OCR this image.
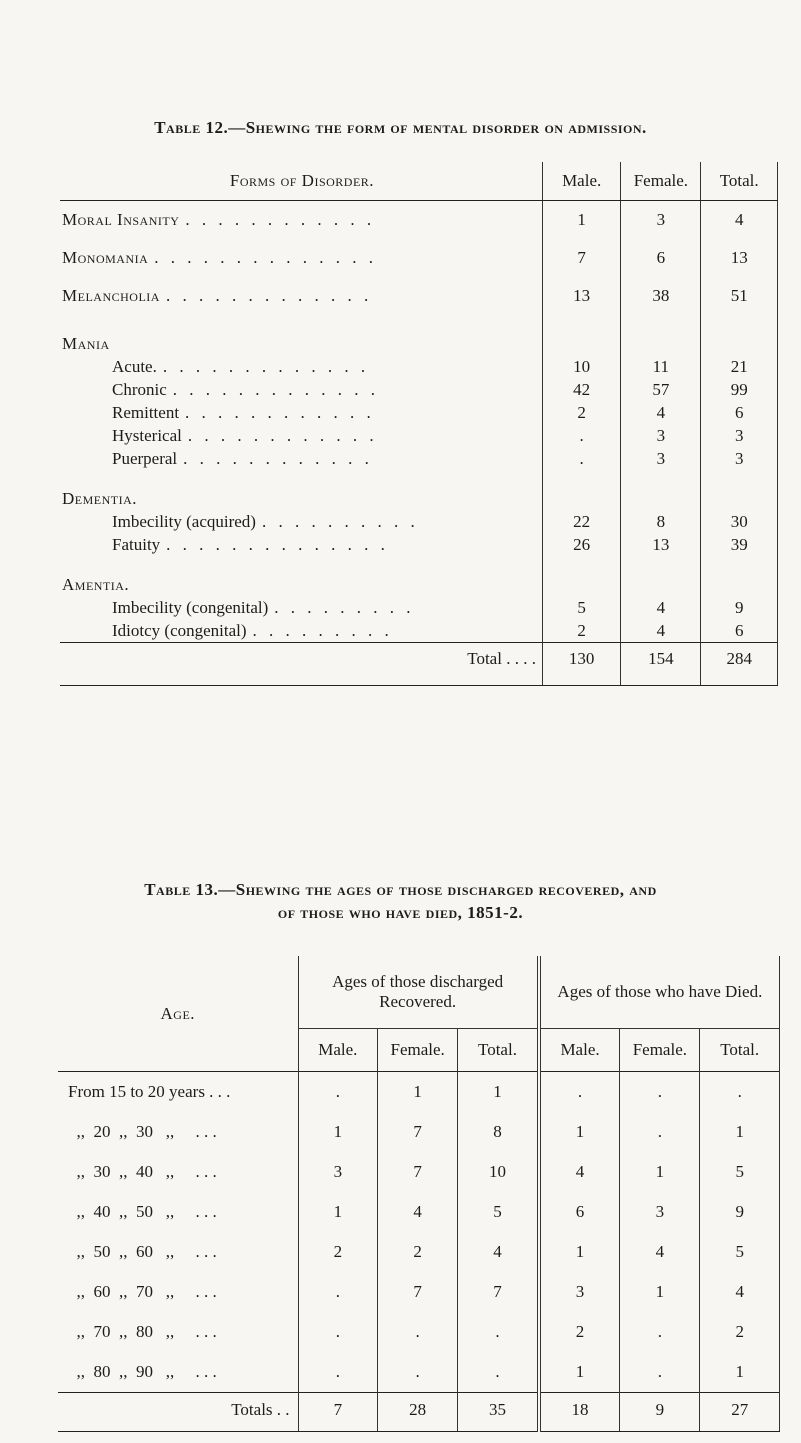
Table 12.—Shewing the form of mental disorder on admission.
Forms of Disorder.	Male.	Female.	Total.
Moral Insanity . . . . . . . . . . . .	1	3	4
Monomania . . . . . . . . . . . . . .	7	6	13
Melancholia . . . . . . . . . . . . .	13	38	51
Mania			
Acute. . . . . . . . . . . . . .	10	11	21
Chronic . . . . . . . . . . . . .	42	57	99
Remittent . . . . . . . . . . . .	2	4	6
Hysterical . . . . . . . . . . . .	.	3	3
Puerperal . . . . . . . . . . . .	.	3	3
Dementia.			
Imbecility (acquired) . . . . . . . . . .	22	8	30
Fatuity . . . . . . . . . . . . . .	26	13	39
Amentia.			
Imbecility (congenital) . . . . . . . . .	5	4	9
Idiotcy (congenital) . . . . . . . . .	2	4	6
Total . . . .	130	154	284

Table 13.—Shewing the ages of those discharged recovered, and
of those who have died, 1851-2.
Age.	Ages of those discharged Recovered.			Ages of those who have Died.		
	Male.	Female.	Total.	Male.	Female.	Total.
From 15 to 20 years . . .	.	1	1	.	.	.
,,  20  ,,  30   ,,     . . .	1	7	8	1	.	1
,,  30  ,,  40   ,,     . . .	3	7	10	4	1	5
,,  40  ,,  50   ,,     . . .	1	4	5	6	3	9
,,  50  ,,  60   ,,     . . .	2	2	4	1	4	5
,,  60  ,,  70   ,,     . . .	.	7	7	3	1	4
,,  70  ,,  80   ,,     . . .	.	.	.	2	.	2
,,  80  ,,  90   ,,     . . .	.	.	.	1	.	1
Totals . .	7	28	35	18	9	27
